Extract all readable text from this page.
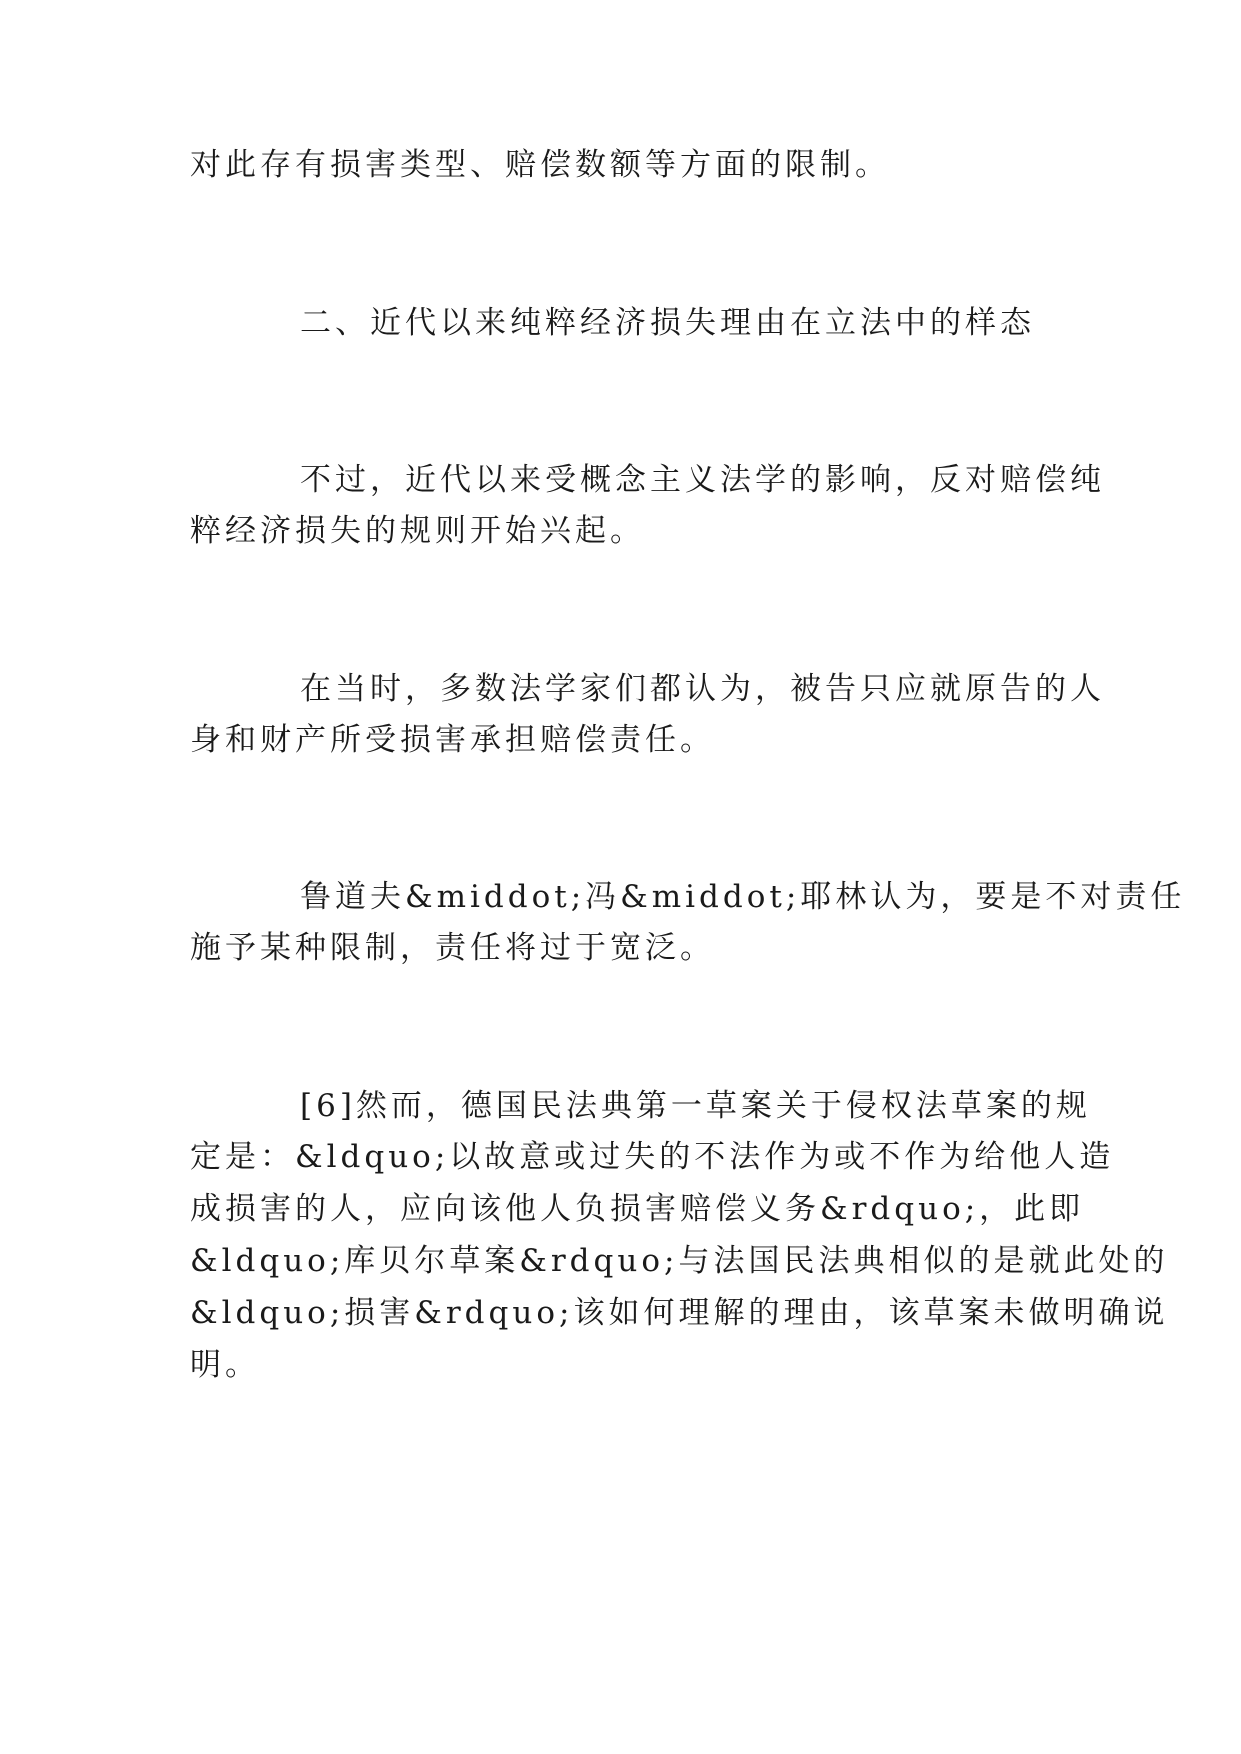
对此存有损害类型、赔偿数额等方面的限制。
二、近代以来纯粹经济损失理由在立法中的样态
不过，近代以来受概念主义法学的影响，反对赔偿纯
粹经济损失的规则开始兴起。
在当时，多数法学家们都认为，被告只应就原告的人
身和财产所受损害承担赔偿责任。
鲁道夫&middot;冯&middot;耶林认为，要是不对责任
施予某种限制，责任将过于宽泛。
[6]然而，德国民法典第一草案关于侵权法草案的规
定是：&ldquo;以故意或过失的不法作为或不作为给他人造
成损害的人，应向该他人负损害赔偿义务&rdquo;，此即
&ldquo;库贝尔草案&rdquo;与法国民法典相似的是就此处的
&ldquo;损害&rdquo;该如何理解的理由，该草案未做明确说
明。
